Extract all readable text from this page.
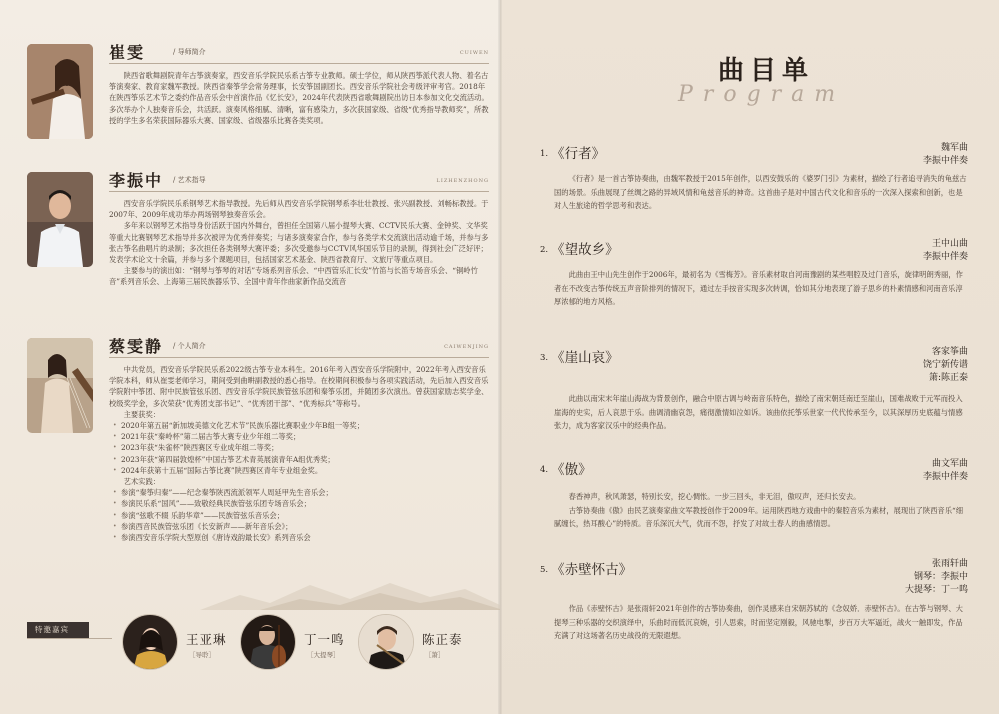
崔雯	/ 导师简介	CUIWEN

陕西省歌舞剧院青年古筝演奏家，西安音乐学院民乐系古筝专业教师。硕士学位，师从陕西筝派代表人物、着名古筝演奏家、教育家魏军教授。陕西省秦筝学会常务理事，长安筝国副团长。西安音乐学院社会考级评审考官。2018年在陕西筝乐艺术节之委约作品音乐会中首演作品《忆长安》，2024年代表陕西省歌舞剧院出访日本参加文化交流活动。多次举办个人独奏音乐会，共活跃。演奏风格细腻、清晰，富有感染力，多次获国家级、省级“优秀指导教师奖”，所教授的学生多名荣获国际器乐大赛、国家级、省级器乐比赛各类奖项。

李振中 / 艺术指导	LIZHENZHONG

西安音乐学院民乐系钢琴艺术指导教授。先后师从西安音乐学院钢琴系李壮壮教授、张兴副教授、刘畅标教授。于2007年、2009年成功举办两场钢琴独奏音乐会。

多年来以钢琴艺术指导身份活跃于国内外舞台，曾担任全国第八届小提琴大赛、CCTV民乐大赛、金钟奖、文华奖等重大比赛钢琴艺术指导并多次被评为优秀伴奏奖；与诸多演奏家合作，参与各类学术交流演出活动逾千场，并参与多张古筝名曲唱片的录制；多次担任各类钢琴大赛评委；多次受邀参与CCTV风华国乐节目的录制，得到社会广泛好评；发表学术论文十余篇，并参与多个课题项目，包括国家艺术基金、陕西省教育厅、文旅厅等重点项目。

主要参与的演出如：“钢琴与筝琴的对话”专场系列音乐会、“中西管乐汇长安”竹笛与长笛专场音乐会、“铜岭竹音”系列音乐会、上海第三届民族器乐节、全国中青年作曲家新作品交流音

蔡雯静 / 个人简介	CAIWENJING

中共党员，西安音乐学院民乐系2022级古筝专业本科生。2016年考入西安音乐学院附中，2022年考入西安音乐学院本科，师从崔雯老师学习，期间受到曲畊副教授的悉心指导。在校期间积极参与各项实践活动，先后加入西安音乐学院附中筝团、附中民族管弦乐团、西安音乐学院民族管弦乐团和秦筝乐团，并随团多次演出。曾获国家励志奖学金、校级奖学金，多次荣获“优秀团支部书记”、“优秀团干部”、“优秀标兵”等称号。

主要获奖：

• 2020年第五届“新加坡美德文化艺术节”民族乐器比赛职业少年B组一等奖；

• 2021年获“秦岭杯”第二届古筝大赛专业少年组二等奖；

• 2023年获“朱雀杯”陕西赛区专业成年组二等奖；

• 2023年获“第四届敦煌杯”中国古筝艺术青英展演青年A组优秀奖；

• 2024年获第十五届“国际古筝比赛”陕西赛区青年专业组金奖。

艺术实践：

• 参演“秦筝归秦”——纪念秦筝陕西流派领军人周延甲先生音乐会；

• 参演民乐系“国风”——致敬经典民族管弦乐团专场音乐会；

• 参演“弦歌不辍 乐韵华章”——民族管弦乐音乐会；

• 参演西音民族管弦乐团《长安新声——新年音乐会》；

• 参演西安音乐学院大型原创《唐诗戏韵最长安》系列音乐会

特邀嘉宾
王亚琳
［导聆］
丁一鸣
［大提琴］
陈正泰
［箫］
曲目单
Program
1. 《行者》	魏军曲
李振中伴奏

《行者》是一首古筝协奏曲，由魏军教授于2015年创作，以西安鼓乐的《婆罗门引》为素材，描绘了行者追寻消失的龟兹古国的场景。乐曲展现了丝绸之路的异域风情和龟兹音乐的神奇。这首曲子是对中国古代文化和音乐的一次深入探索和创新，也是对人生旅途的哲学思考和表达。

2. 《望故乡》	王中山曲
李振中伴奏

此曲由王中山先生创作于2006年，最初名为《雪梅芳》。音乐素材取自河南豫剧的某些唱腔及过门音乐，旋律明朗秀丽，作者在不改变古筝传统五声音阶排列的情况下，通过左手按音实现多次转调，恰如其分地表现了游子思乡的朴素情感和河南音乐淳厚浓郁的地方风格。

3. 《崖山哀》	客家筝曲
饶宁新传谱
箫:陈正泰

此曲以南宋末年崖山海战为背景创作，融合中原古调与岭南音乐特色，描绘了南宋朝廷南迁至崖山，国难战败于元军而投入崖海的史实，后人哀思于乐。曲调清幽哀怨，痛彻激情如泣如诉。该曲依托筝乐世家一代代传承至今，以其深厚历史底蕴与情感张力，成为客家汉乐中的经典作品。

4. 《傲》	曲文军曲
李振中伴奏

春香神声，秋风萧瑟，特别长安，挖心惆怅。一步三回头，非无泪，傲叹声，还归长安去。

古筝协奏曲《傲》由民艺演奏家曲文军教授创作于2009年。运用陕西地方戏曲中的秦腔音乐为素材，展现出了陕西音乐“细腻缠长，热耳酸心”的特质。音乐深沉大气，优而不怨，抒发了对故土春人的曲感情思。

5. 《赤壁怀古》	张雨轩曲
钢琴：李振中
大提琴：丁一鸣

作品《赤壁怀古》是张雨轩2021年创作的古筝协奏曲，创作灵感来自宋朝苏轼的《念奴娇．赤壁怀古》。在古筝与钢琴、大提琴三种乐器的交织演绎中，乐曲时而低沉哀婉，引人思索，时而坚定刚毅，风驰电掣，步百万大军逼近，战火一触即发，作品充满了对这场著名历史战役的无限遐想。
